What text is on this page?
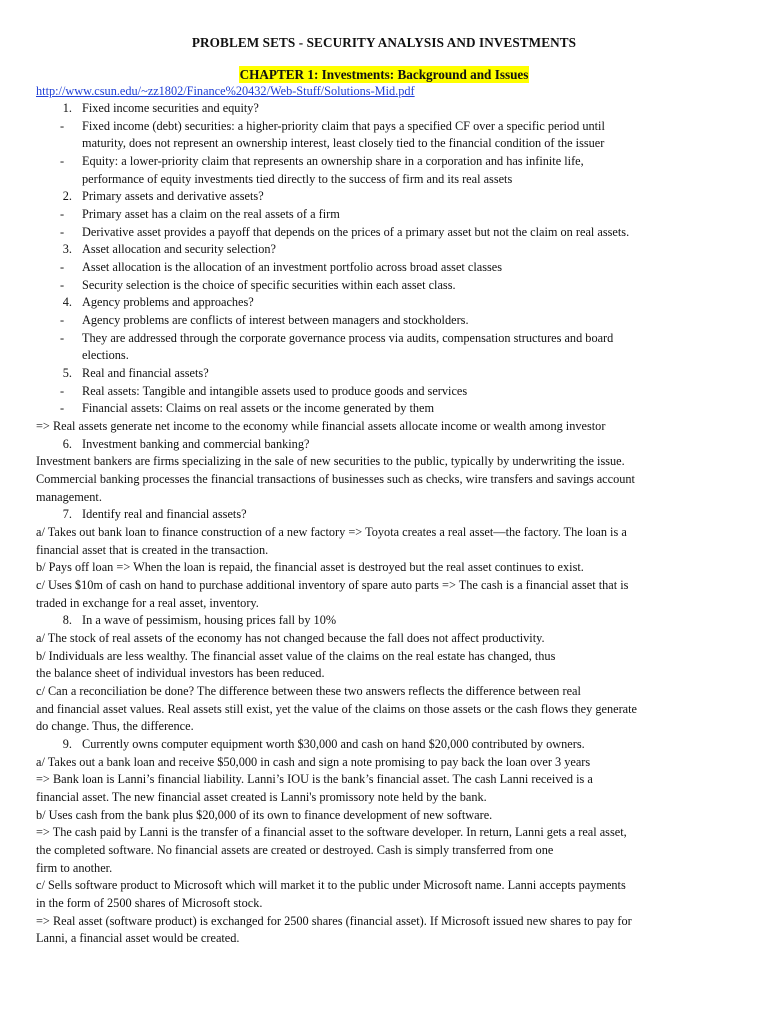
PROBLEM SETS - SECURITY ANALYSIS AND INVESTMENTS
CHAPTER 1: Investments: Background and Issues
http://www.csun.edu/~zz1802/Finance%20432/Web-Stuff/Solutions-Mid.pdf
1. Fixed income securities and equity?
- Fixed income (debt) securities: a higher-priority claim that pays a specified CF over a specific period until
maturity, does not represent an ownership interest, least closely tied to the financial condition of the issuer
- Equity: a lower-priority claim that represents an ownership share in a corporation and has infinite life,
performance of equity investments tied directly to the success of firm and its real assets
2. Primary assets and derivative assets?
- Primary asset has a claim on the real assets of a firm
- Derivative asset provides a payoff that depends on the prices of a primary asset but not the claim on real assets.
3. Asset allocation and security selection?
- Asset allocation is the allocation of an investment portfolio across broad asset classes
- Security selection is the choice of specific securities within each asset class.
4. Agency problems and approaches?
- Agency problems are conflicts of interest between managers and stockholders.
- They are addressed through the corporate governance process via audits, compensation structures and board
elections.
5. Real and financial assets?
- Real assets: Tangible and intangible assets used to produce goods and services
- Financial assets: Claims on real assets or the income generated by them
=> Real assets generate net income to the economy while financial assets allocate income or wealth among investor
6. Investment banking and commercial banking?
Investment bankers are firms specializing in the sale of new securities to the public, typically by underwriting the issue.
Commercial banking processes the financial transactions of businesses such as checks, wire transfers and savings account
management.
7. Identify real and financial assets?
a/ Takes out bank loan to finance construction of a new factory => Toyota creates a real asset—the factory. The loan is a
financial asset that is created in the transaction.
b/ Pays off loan => When the loan is repaid, the financial asset is destroyed but the real asset continues to exist.
c/ Uses $10m of cash on hand to purchase additional inventory of spare auto parts => The cash is a financial asset that is
traded in exchange for a real asset, inventory.
8. In a wave of pessimism, housing prices fall by 10%
a/ The stock of real assets of the economy has not changed because the fall does not affect productivity.
b/ Individuals are less wealthy. The financial asset value of the claims on the real estate has changed, thus
the balance sheet of individual investors has been reduced.
c/ Can a reconciliation be done? The difference between these two answers reflects the difference between real
and financial asset values. Real assets still exist, yet the value of the claims on those assets or the cash flows they generate
do change. Thus, the difference.
9. Currently owns computer equipment worth $30,000 and cash on hand $20,000 contributed by owners.
a/ Takes out a bank loan and receive $50,000 in cash and sign a note promising to pay back the loan over 3 years
=> Bank loan is Lanni’s financial liability. Lanni’s IOU is the bank’s financial asset. The cash Lanni received is a
financial asset. The new financial asset created is Lanni's promissory note held by the bank.
b/ Uses cash from the bank plus $20,000 of its own to finance development of new software.
=> The cash paid by Lanni is the transfer of a financial asset to the software developer. In return, Lanni gets a real asset,
the completed software. No financial assets are created or destroyed. Cash is simply transferred from one
firm to another.
c/ Sells software product to Microsoft which will market it to the public under Microsoft name. Lanni accepts payments
in the form of 2500 shares of Microsoft stock.
=> Real asset (software product) is exchanged for 2500 shares (financial asset). If Microsoft issued new shares to pay for
Lanni, a financial asset would be created.
